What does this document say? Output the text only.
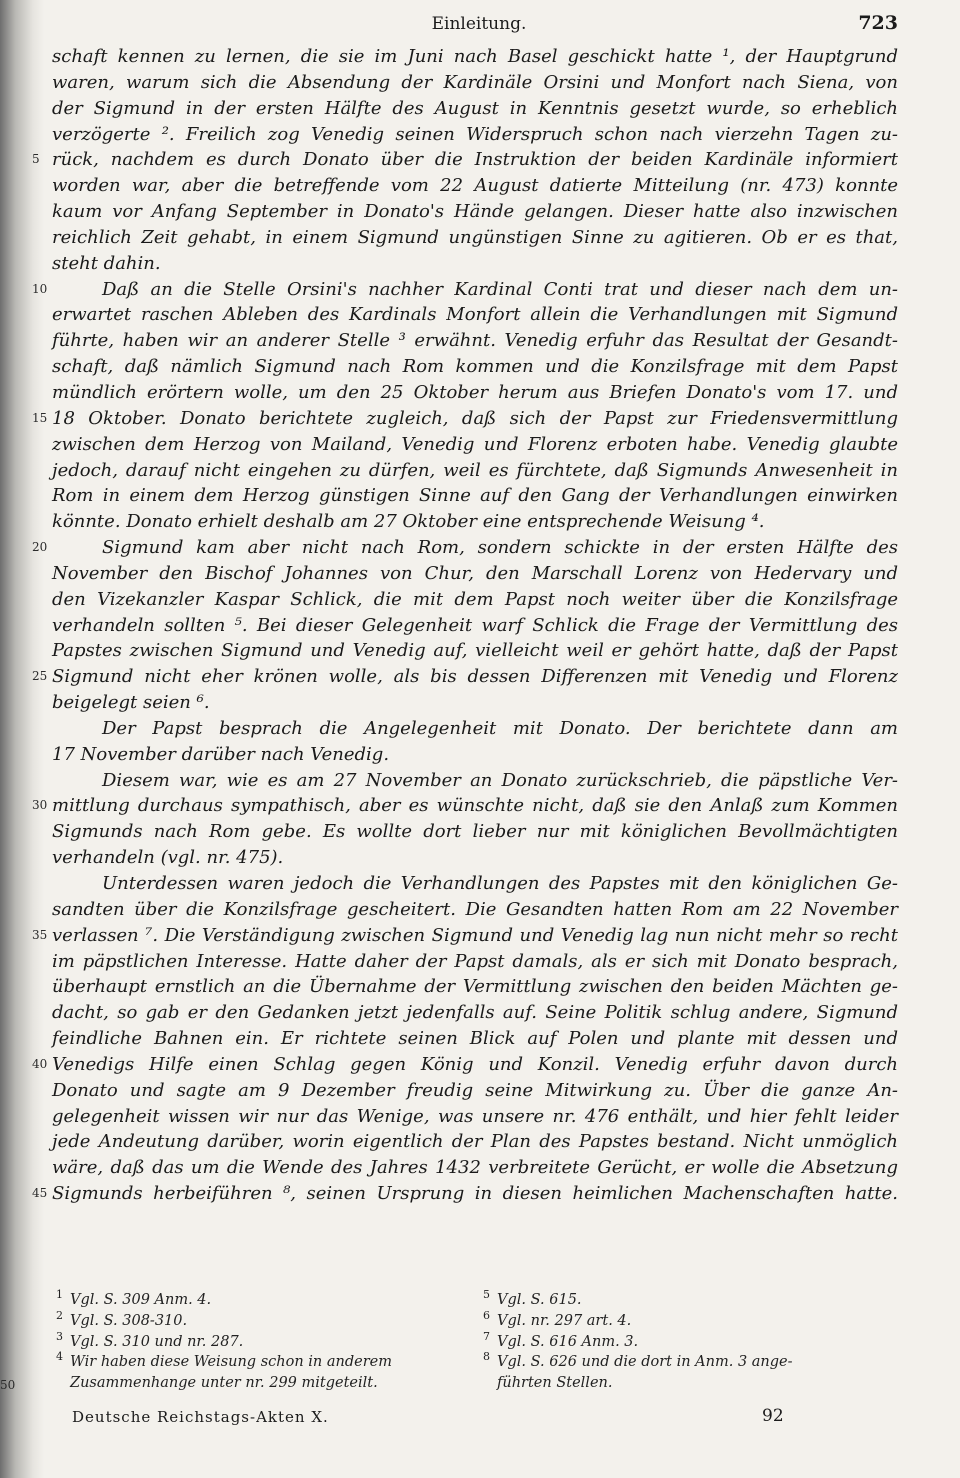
Einleitung.	723
schaft kennen zu lernen, die sie im Juni nach Basel geschickt hatte ¹, der Hauptgrund
waren, warum sich die Absendung der Kardinäle Orsini und Monfort nach Siena, von
der Sigmund in der ersten Hälfte des August in Kenntnis gesetzt wurde, so erheblich
verzögerte ². Freilich zog Venedig seinen Widerspruch schon nach vierzehn Tagen zu-
rück, nachdem es durch Donato über die Instruktion der beiden Kardinäle informiert
5
worden war, aber die betreffende vom 22 August datierte Mitteilung (nr. 473) konnte
kaum vor Anfang September in Donato's Hände gelangen. Dieser hatte also inzwischen
reichlich Zeit gehabt, in einem Sigmund ungünstigen Sinne zu agitieren. Ob er es that,
steht dahin.
Daß an die Stelle Orsini's nachher Kardinal Conti trat und dieser nach dem un-
10
erwartet raschen Ableben des Kardinals Monfort allein die Verhandlungen mit Sigmund
führte, haben wir an anderer Stelle ³ erwähnt. Venedig erfuhr das Resultat der Gesandt-
schaft, daß nämlich Sigmund nach Rom kommen und die Konzilsfrage mit dem Papst
mündlich erörtern wolle, um den 25 Oktober herum aus Briefen Donato's vom 17. und
18 Oktober. Donato berichtete zugleich, daß sich der Papst zur Friedensvermittlung
15
zwischen dem Herzog von Mailand, Venedig und Florenz erboten habe. Venedig glaubte
jedoch, darauf nicht eingehen zu dürfen, weil es fürchtete, daß Sigmunds Anwesenheit in
Rom in einem dem Herzog günstigen Sinne auf den Gang der Verhandlungen einwirken
könnte. Donato erhielt deshalb am 27 Oktober eine entsprechende Weisung ⁴.
Sigmund kam aber nicht nach Rom, sondern schickte in der ersten Hälfte des
20
November den Bischof Johannes von Chur, den Marschall Lorenz von Hedervary und
den Vizekanzler Kaspar Schlick, die mit dem Papst noch weiter über die Konzilsfrage
verhandeln sollten ⁵. Bei dieser Gelegenheit warf Schlick die Frage der Vermittlung des
Papstes zwischen Sigmund und Venedig auf, vielleicht weil er gehört hatte, daß der Papst
Sigmund nicht eher krönen wolle, als bis dessen Differenzen mit Venedig und Florenz
25
beigelegt seien ⁶.
Der Papst besprach die Angelegenheit mit Donato. Der berichtete dann am
17 November darüber nach Venedig.
Diesem war, wie es am 27 November an Donato zurückschrieb, die päpstliche Ver-
mittlung durchaus sympathisch, aber es wünschte nicht, daß sie den Anlaß zum Kommen
30
Sigmunds nach Rom gebe. Es wollte dort lieber nur mit königlichen Bevollmächtigten
verhandeln (vgl. nr. 475).
Unterdessen waren jedoch die Verhandlungen des Papstes mit den königlichen Ge-
sandten über die Konzilsfrage gescheitert. Die Gesandten hatten Rom am 22 November
verlassen ⁷. Die Verständigung zwischen Sigmund und Venedig lag nun nicht mehr so recht
35
im päpstlichen Interesse. Hatte daher der Papst damals, als er sich mit Donato besprach,
überhaupt ernstlich an die Übernahme der Vermittlung zwischen den beiden Mächten ge-
dacht, so gab er den Gedanken jetzt jedenfalls auf. Seine Politik schlug andere, Sigmund
feindliche Bahnen ein. Er richtete seinen Blick auf Polen und plante mit dessen und
Venedigs Hilfe einen Schlag gegen König und Konzil. Venedig erfuhr davon durch
40
Donato und sagte am 9 Dezember freudig seine Mitwirkung zu. Über die ganze An-
gelegenheit wissen wir nur das Wenige, was unsere nr. 476 enthält, und hier fehlt leider
jede Andeutung darüber, worin eigentlich der Plan des Papstes bestand. Nicht unmöglich
wäre, daß das um die Wende des Jahres 1432 verbreitete Gerücht, er wolle die Absetzung
Sigmunds herbeiführen ⁸, seinen Ursprung in diesen heimlichen Machenschaften hatte.
45
1 Vgl. S. 309 Anm. 4.
2 Vgl. S. 308-310.
3 Vgl. S. 310 und nr. 287.
4 Wir haben diese Weisung schon in anderem
Zusammenhange unter nr. 299 mitgeteilt.
50
5 Vgl. S. 615.
6 Vgl. nr. 297 art. 4.
7 Vgl. S. 616 Anm. 3.
8 Vgl. S. 626 und die dort in Anm. 3 ange-
führten Stellen.
Deutsche Reichstags-Akten X.	92
